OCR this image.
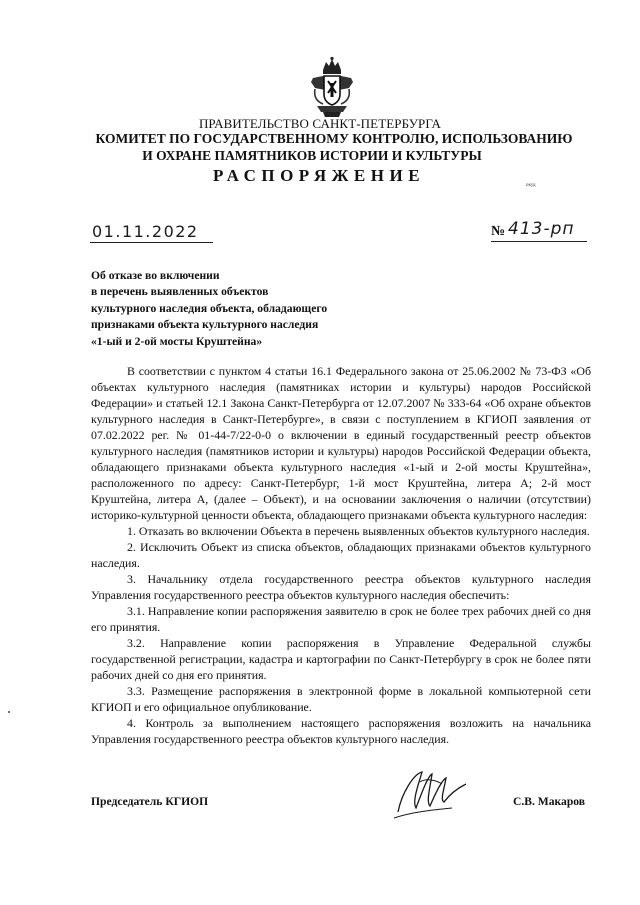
ПРАВИТЕЛЬСТВО САНКТ-ПЕТЕРБУРГА
КОМИТЕТ ПО ГОСУДАРСТВЕННОМУ КОНТРОЛЮ, ИСПОЛЬЗОВАНИЮ
И ОХРАНЕ ПАМЯТНИКОВ ИСТОРИИ И КУЛЬТУРЫ
РАСПОРЯЖЕНИЕ
окуд
01.11.2022	№ 413-рп
Об отказе во включении
в перечень выявленных объектов
культурного наследия объекта, обладающего
признаками объекта культурного наследия
«1-ый и 2-ой мосты Круштейна»

В соответствии с пунктом 4 статьи 16.1 Федерального закона от 25.06.2002 № 73-ФЗ «Об объектах культурного наследия (памятниках истории и культуры) народов Российской Федерации» и статьей 12.1 Закона Санкт-Петербурга от 12.07.2007 № 333-64 «Об охране объектов культурного наследия в Санкт-Петербурге», в связи с поступлением в КГИОП заявления от 07.02.2022 рег. № 01-44-7/22-0-0 о включении в единый государственный реестр объектов культурного наследия (памятников истории и культуры) народов Российской Федерации объекта, обладающего признаками объекта культурного наследия «1-ый и 2-ой мосты Круштейна», расположенного по адресу: Санкт-Петербург, 1-й мост Круштейна, литера А; 2-й мост Круштейна, литера А, (далее – Объект), и на основании заключения о наличии (отсутствии) историко-культурной ценности объекта, обладающего признаками объекта культурного наследия:

1. Отказать во включении Объекта в перечень выявленных объектов культурного наследия.

2. Исключить Объект из списка объектов, обладающих признаками объектов культурного наследия.

3. Начальнику отдела государственного реестра объектов культурного наследия Управления государственного реестра объектов культурного наследия обеспечить:

3.1. Направление копии распоряжения заявителю в срок не более трех рабочих дней со дня его принятия.

3.2. Направление копии распоряжения в Управление Федеральной службы государственной регистрации, кадастра и картографии по Санкт-Петербургу в срок не более пяти рабочих дней со дня его принятия.

3.3. Размещение распоряжения в электронной форме в локальной компьютерной сети КГИОП и его официальное опубликование.

4. Контроль за выполнением настоящего распоряжения возложить на начальника Управления государственного реестра объектов культурного наследия.

Председатель КГИОП	С.В. Макаров
